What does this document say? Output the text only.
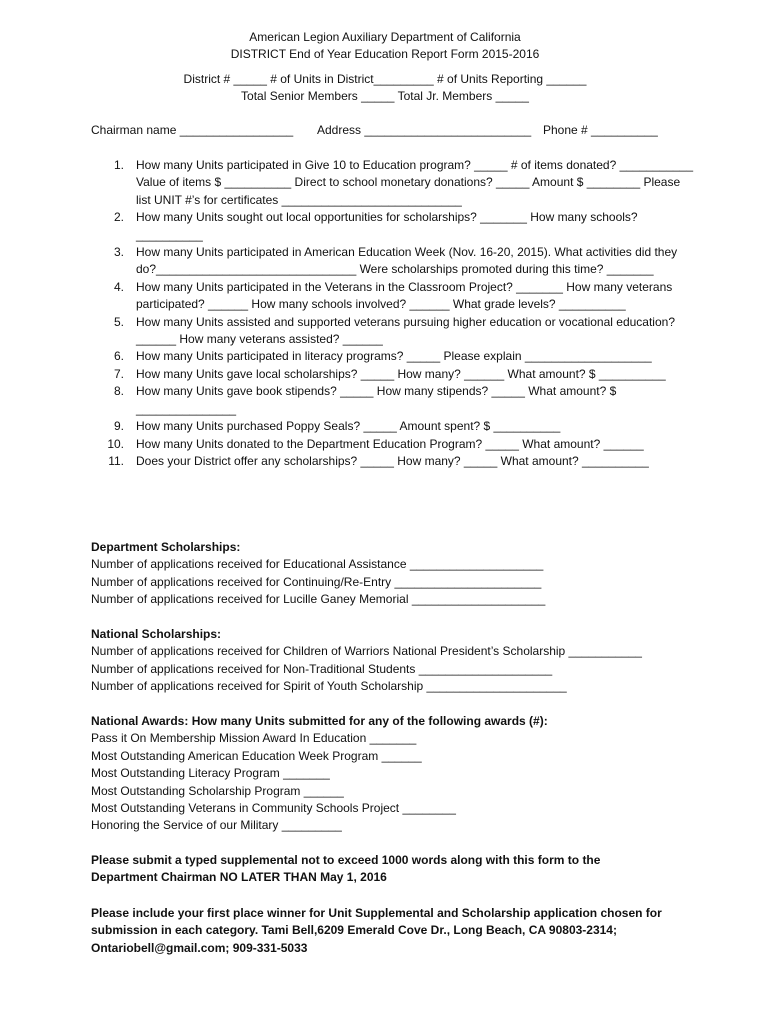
American Legion Auxiliary Department of California
DISTRICT End of Year Education Report Form 2015-2016
District # _____ # of Units in District_________ # of Units Reporting ______
Total Senior Members _____ Total Jr. Members _____
Chairman name _________________ Address _________________________ Phone # __________
1. How many Units participated in Give 10 to Education program? _____ # of items donated? ___________ Value of items $ __________ Direct to school monetary donations? _____ Amount $ ________ Please list UNIT #’s for certificates ___________________________
2. How many Units sought out local opportunities for scholarships? _______ How many schools? __________
3. How many Units participated in American Education Week (Nov. 16-20, 2015). What activities did they do?______________________________ Were scholarships promoted during this time? _______
4. How many Units participated in the Veterans in the Classroom Project? _______ How many veterans participated? ______ How many schools involved? ______ What grade levels? __________
5. How many Units assisted and supported veterans pursuing higher education or vocational education? ______ How many veterans assisted? ______
6. How many Units participated in literacy programs? _____ Please explain ___________________
7. How many Units gave local scholarships? _____ How many? ______ What amount? $ __________
8. How many Units gave book stipends? _____ How many stipends? _____ What amount? $ _______________
9. How many Units purchased Poppy Seals? _____ Amount spent? $ __________
10. How many Units donated to the Department Education Program? _____ What amount? ______
11. Does your District offer any scholarships? _____ How many? _____ What amount? __________
Department Scholarships:
Number of applications received for Educational Assistance ____________________
Number of applications received for Continuing/Re-Entry ______________________
Number of applications received for Lucille Ganey Memorial ____________________
National Scholarships:
Number of applications received for Children of Warriors National President’s Scholarship ___________
Number of applications received for Non-Traditional Students ____________________
Number of applications received for Spirit of Youth Scholarship _____________________
National Awards: How many Units submitted for any of the following awards (#):
Pass it On Membership Mission Award In Education _______
Most Outstanding American Education Week Program ______
Most Outstanding Literacy Program _______
Most Outstanding Scholarship Program ______
Most Outstanding Veterans in Community Schools Project ________
Honoring the Service of our Military _________
Please submit a typed supplemental not to exceed 1000 words along with this form to the
Department Chairman NO LATER THAN May 1, 2016
Please include your first place winner for Unit Supplemental and Scholarship application chosen for
submission in each category. Tami Bell,6209 Emerald Cove Dr., Long Beach, CA 90803-2314;
Ontariobell@gmail.com; 909-331-5033
